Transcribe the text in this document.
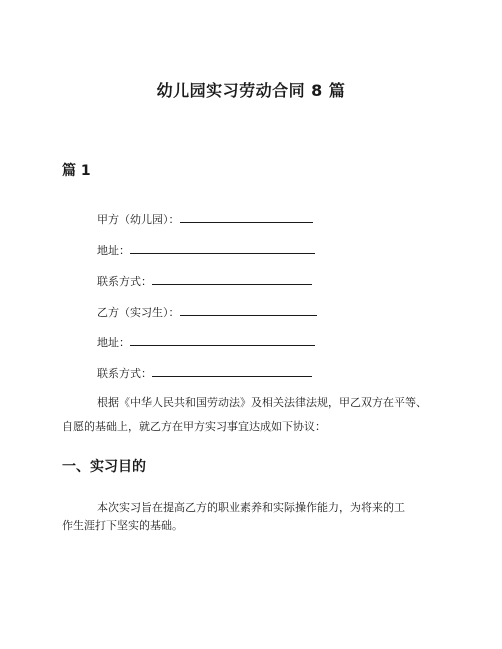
幼儿园实习劳动合同 8 篇
篇 1
甲方（幼儿园）：
地址：
联系方式：
乙方（实习生）：
地址：
联系方式：
根据《中华人民共和国劳动法》及相关法律法规，甲乙双方在平等、
自愿的基础上，就乙方在甲方实习事宜达成如下协议：
一、实习目的
本次实习旨在提高乙方的职业素养和实际操作能力，为将来的工
作生涯打下坚实的基础。
